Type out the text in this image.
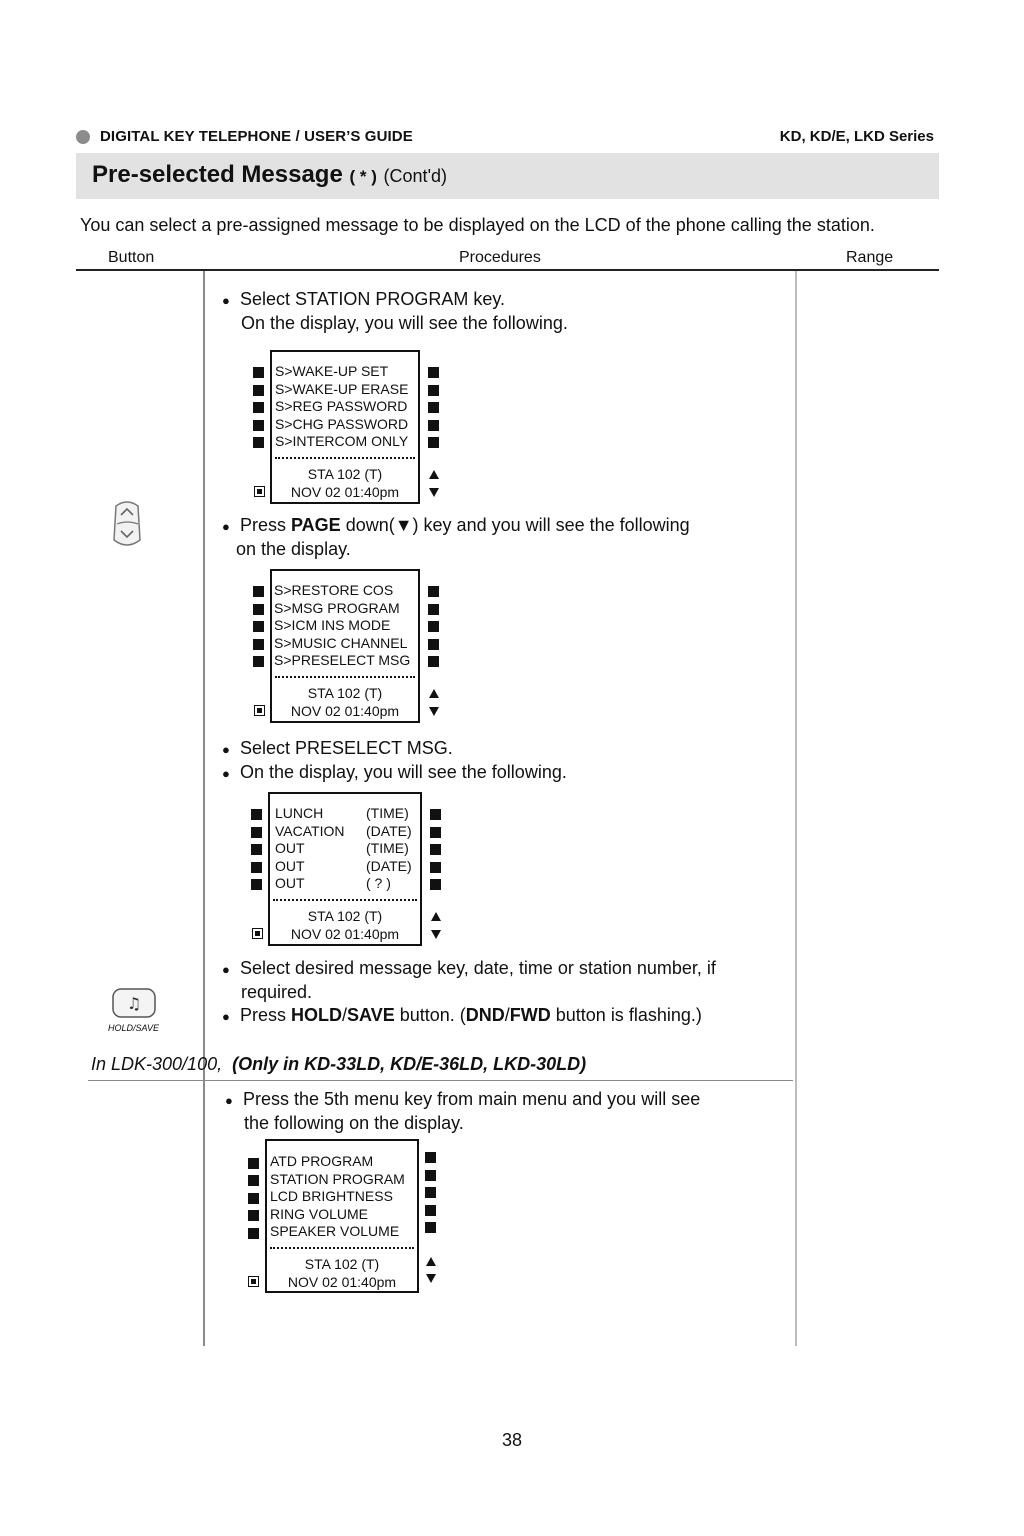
DIGITAL KEY TELEPHONE / USER’S GUIDE	KD, KD/E, LKD Series
Pre-selected Message ( * ) (Cont'd)
You can select a pre-assigned message to be displayed on the LCD of the phone calling the station.
Button	Procedures	Range
♫
HOLD/SAVE
● Select STATION PROGRAM key.
On the display, you will see the following.
S>WAKE-UP SET
S>WAKE-UP ERASE
S>REG PASSWORD
S>CHG PASSWORD
S>INTERCOM ONLY
STA 102 (T)
NOV 02 01:40pm
● Press PAGE down(▼) key and you will see the following
on the display.
S>RESTORE COS
S>MSG PROGRAM
S>ICM INS MODE
S>MUSIC CHANNEL
S>PRESELECT MSG
STA 102 (T)
NOV 02 01:40pm
● Select PRESELECT MSG.
● On the display, you will see the following.
LUNCH	(TIME)
VACATION (DATE)
OUT	(TIME)
OUT	(DATE)
OUT	( ? )
STA 102 (T)
NOV 02 01:40pm
● Select desired message key, date, time or station number, if
required.
● Press HOLD/SAVE button. (DND/FWD button is flashing.)
In LDK-300/100, (Only in KD-33LD, KD/E-36LD, LKD-30LD)
● Press the 5th menu key from main menu and you will see
the following on the display.
ATD PROGRAM
STATION PROGRAM
LCD BRIGHTNESS
RING VOLUME
SPEAKER VOLUME
STA 102 (T)
NOV 02 01:40pm
38
